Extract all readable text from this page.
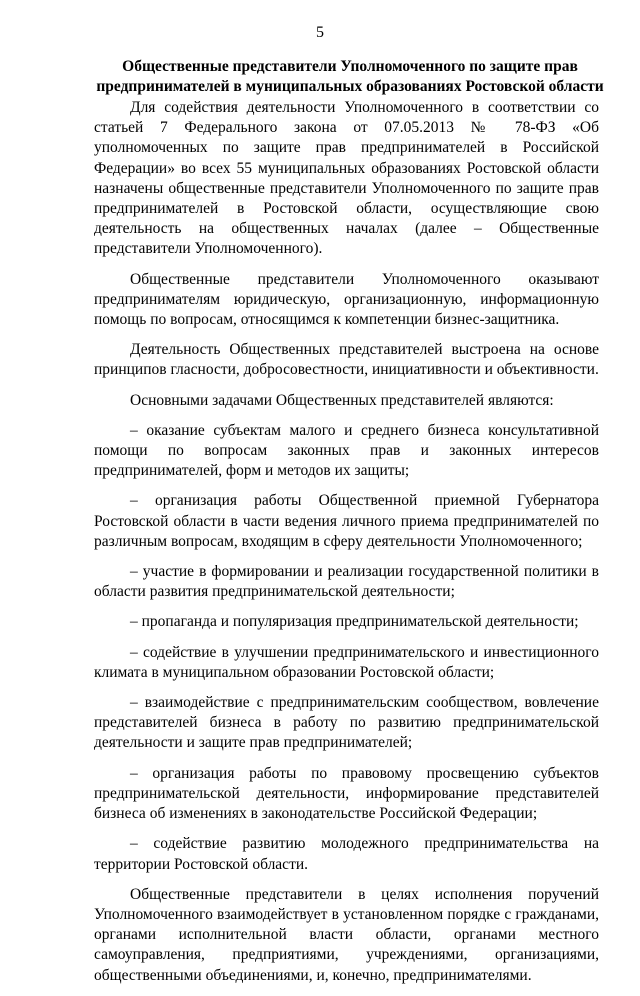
5
Общественные представители Уполномоченного по защите прав
предпринимателей в муниципальных образованиях Ростовской области

Для содействия деятельности Уполномоченного в соответствии со статьей 7 Федерального закона от 07.05.2013 № 78-ФЗ «Об уполномоченных по защите прав предпринимателей в Российской Федерации» во всех 55 муниципальных образованиях Ростовской области назначены общественные представители Уполномоченного по защите прав предпринимателей в Ростовской области, осуществляющие свою деятельность на общественных началах (далее – Общественные представители Уполномоченного).

Общественные представители Уполномоченного оказывают предпринимателям юридическую, организационную, информационную помощь по вопросам, относящимся к компетенции бизнес-защитника.

Деятельность Общественных представителей выстроена на основе принципов гласности, добросовестности, инициативности и объективности.

Основными задачами Общественных представителей являются:

– оказание субъектам малого и среднего бизнеса консультативной помощи по вопросам законных прав и законных интересов предпринимателей, форм и методов их защиты;

– организация работы Общественной приемной Губернатора Ростовской области в части ведения личного приема предпринимателей по различным вопросам, входящим в сферу деятельности Уполномоченного;

– участие в формировании и реализации государственной политики в области развития предпринимательской деятельности;

– пропаганда и популяризация предпринимательской деятельности;

– содействие в улучшении предпринимательского и инвестиционного климата в муниципальном образовании Ростовской области;

– взаимодействие с предпринимательским сообществом, вовлечение представителей бизнеса в работу по развитию предпринимательской деятельности и защите прав предпринимателей;

– организация работы по правовому просвещению субъектов предпринимательской деятельности, информирование представителей бизнеса об изменениях в законодательстве Российской Федерации;

– содействие развитию молодежного предпринимательства на территории Ростовской области.

Общественные представители в целях исполнения поручений Уполномоченного взаимодействует в установленном порядке с гражданами, органами исполнительной власти области, органами местного самоуправления, предприятиями, учреждениями, организациями, общественными объединениями, и, конечно, предпринимателями.
